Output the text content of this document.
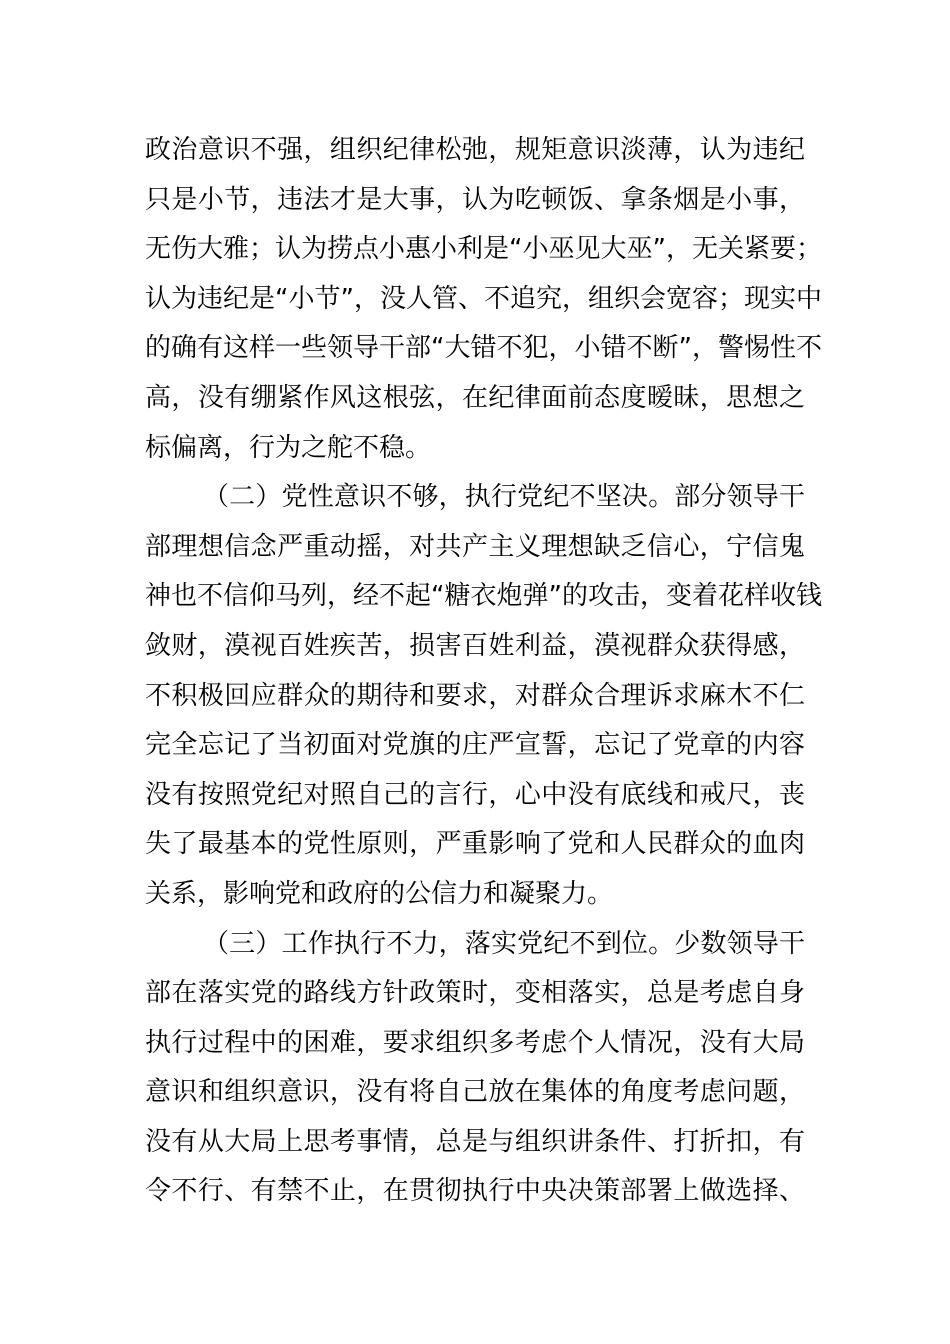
政治意识不强，组织纪律松弛，规矩意识淡薄，认为违纪
只是小节，违法才是大事，认为吃顿饭、拿条烟是小事，
无伤大雅；认为捞点小惠小利是“小巫见大巫”，无关紧要；
认为违纪是“小节”，没人管、不追究，组织会宽容；现实中
的确有这样一些领导干部“大错不犯，小错不断”，警惕性不
高，没有绷紧作风这根弦，在纪律面前态度暧昧，思想之
标偏离，行为之舵不稳。
（二）党性意识不够，执行党纪不坚决。部分领导干
部理想信念严重动摇，对共产主义理想缺乏信心，宁信鬼
神也不信仰马列，经不起“糖衣炮弹”的攻击，变着花样收钱
敛财，漠视百姓疾苦，损害百姓利益，漠视群众获得感，
不积极回应群众的期待和要求，对群众合理诉求麻木不仁
完全忘记了当初面对党旗的庄严宣誓，忘记了党章的内容
没有按照党纪对照自己的言行，心中没有底线和戒尺，丧
失了最基本的党性原则，严重影响了党和人民群众的血肉
关系，影响党和政府的公信力和凝聚力。
（三）工作执行不力，落实党纪不到位。少数领导干
部在落实党的路线方针政策时，变相落实，总是考虑自身
执行过程中的困难，要求组织多考虑个人情况，没有大局
意识和组织意识，没有将自己放在集体的角度考虑问题，
没有从大局上思考事情，总是与组织讲条件、打折扣，有
令不行、有禁不止，在贯彻执行中央决策部署上做选择、
